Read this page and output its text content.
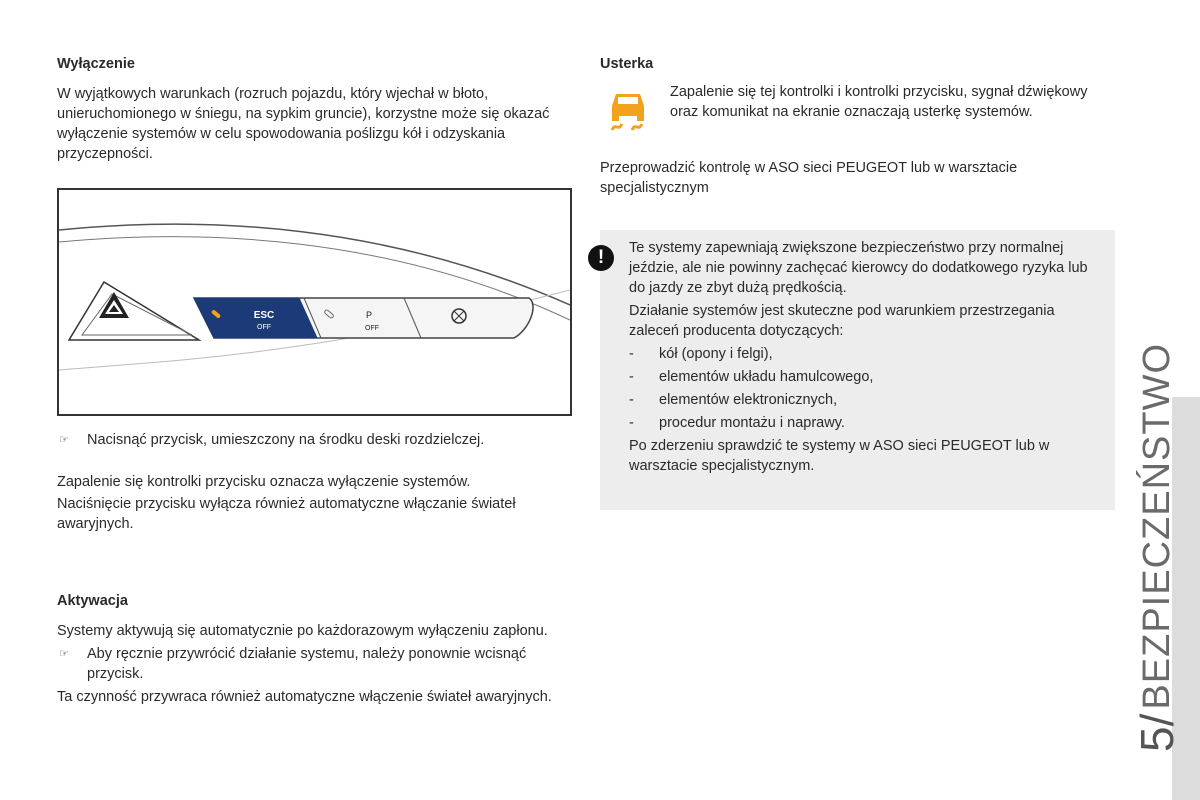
Wyłączenie

W wyjątkowych warunkach (rozruch pojazdu, który wjechał w błoto, unieruchomionego w śniegu, na sypkim gruncie), korzystne może się okazać wyłączenie systemów w celu spowodowania poślizgu kół i odzyskania przyczepności.

ESC
OFF
P
OFF
☞ Nacisnąć przycisk, umieszczony na środku deski rozdzielczej.

Zapalenie się kontrolki przycisku oznacza wyłączenie systemów.

Naciśnięcie przycisku wyłącza również automatyczne włączanie świateł awaryjnych.

Aktywacja

Systemy aktywują się automatycznie po każdorazowym wyłączeniu zapłonu.

☞ Aby ręcznie przywrócić działanie systemu, należy ponownie wcisnąć przycisk.

Ta czynność przywraca również automatyczne włączenie świateł awaryjnych.

Usterka

Zapalenie się tej kontrolki i kontrolki przycisku, sygnał dźwiękowy oraz komunikat na ekranie oznaczają usterkę systemów.

Przeprowadzić kontrolę w ASO sieci PEUGEOT lub w warsztacie specjalistycznym

!	Te systemy zapewniają zwiększone bezpieczeństwo przy normalnej jeździe, ale nie powinny zachęcać kierowcy do dodatkowego ryzyka lub do jazdy ze zbyt dużą prędkością.

Działanie systemów jest skuteczne pod warunkiem przestrzegania zaleceń producenta dotyczących:

- kół (opony i felgi),
- elementów układu hamulcowego,
- elementów elektronicznych,
- procedur montażu i naprawy.

Po zderzeniu sprawdzić te systemy w ASO sieci PEUGEOT lub w warsztacie specjalistycznym.

5/ BEZPIECZEŃSTWO
